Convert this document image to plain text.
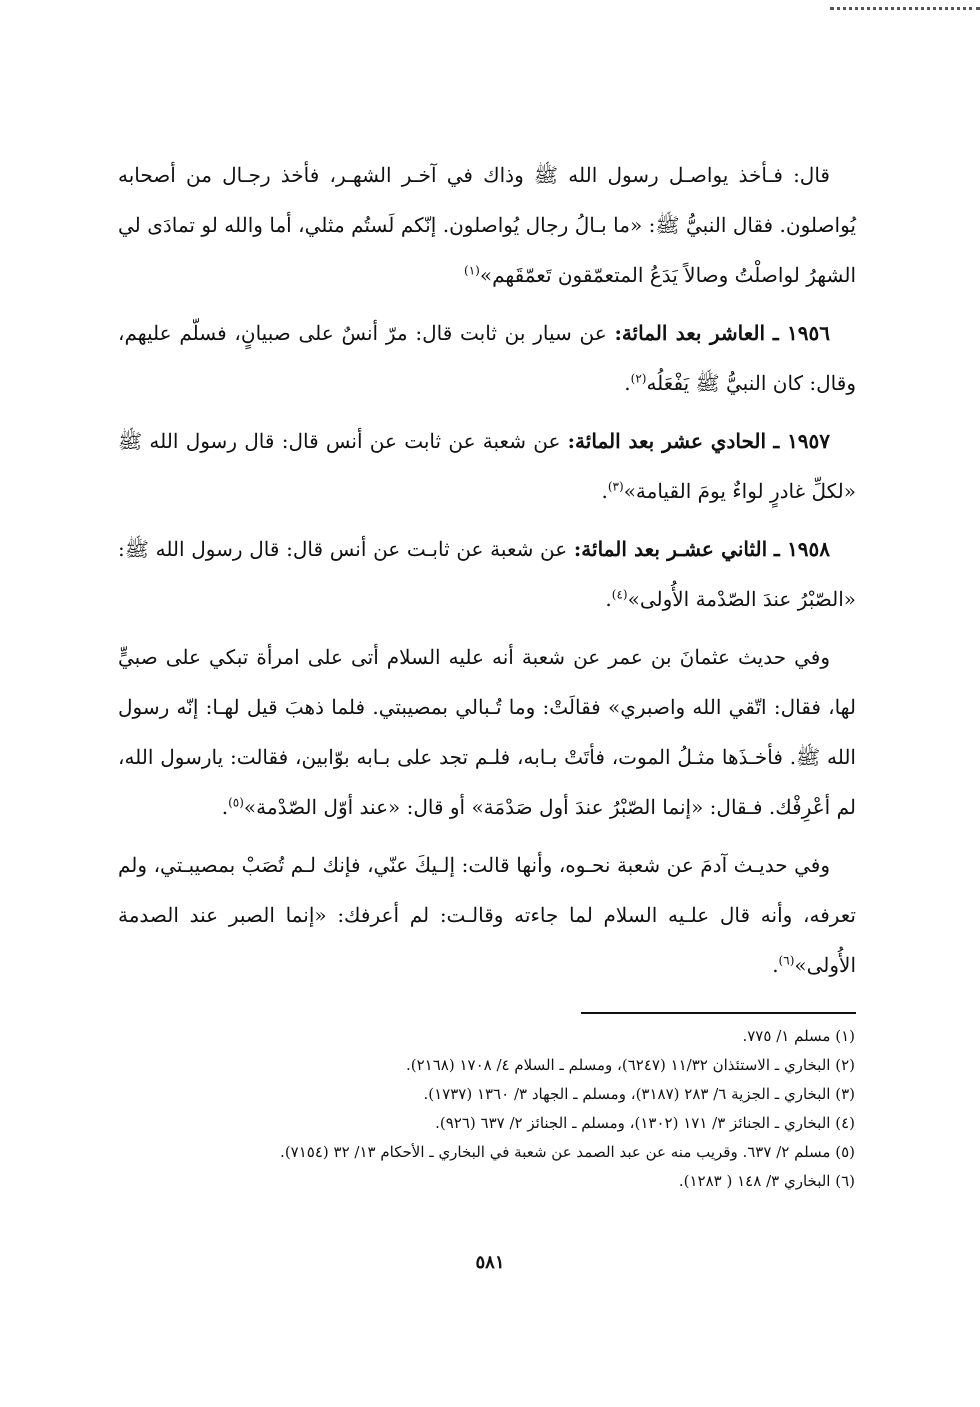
قال: فـأخذ يواصـل رسول الله ﷺ وذاك في آخـر الشهـر، فأخذ رجـال من أصحابه يُواصلون. فقال النبيُّ ﷺ: «ما بـالُ رجال يُواصلون. إنّكم لَستُم مثلي، أما والله لو تمادَى لي الشهرُ لواصلْتُ وصالاً يَدَعُ المتعمّقون تَعمّقَهم»$^{(١)}$

١٩٥٦ ـ العاشر بعد المائة: عن سيار بن ثابت قال: مرّ أنسٌ على صبيانٍ، فسلّم عليهم، وقال: كان النبيُّ ﷺ يَفْعَلُه$^{(٢)}$.

١٩٥٧ ـ الحادي عشر بعد المائة: عن شعبة عن ثابت عن أنس قال: قال رسول الله ﷺ «لكلِّ غادرٍ لواءٌ يومَ القيامة»$^{(٣)}$.

١٩٥٨ ـ الثاني عشـر بعد المائة: عن شعبة عن ثابـت عن أنس قال: قال رسول الله ﷺ: «الصّبْرُ عندَ الصّدْمة الأُولى»$^{(٤)}$.

وفي حديث عثمانَ بن عمر عن شعبة أنه عليه السلام أتى على امرأة تبكي على صبيٍّ لها، فقال: اتّقي الله واصبري» فقالَتْ: وما تُـبالي بمصيبتي. فلما ذهبَ قيل لهـا: إنّه رسول الله ﷺ. فأخـذَها مثـلُ الموت، فأتَتْ بـابه، فلـم تجد على بـابه بوّابين، فقالت: يارسول الله، لم أعْرِفْك. فـقال: «إنما الصّبْرُ عندَ أول صَدْمَة» أو قال: «عند أوّل الصّدْمة»$^{(٥)}$.

وفي حديـث آدمَ عن شعبة نحـوه، وأنها قالت: إلـيكَ عنّي، فإنك لـم تُصَبْ بمصيبـتي، ولم تعرفه، وأنه قال علـيه السلام لما جاءته وقالـت: لم أعرفك: «إنما الصبر عند الصدمة الأُولى»$^{(٦)}$.

(١) مسلم ١/ ٧٧٥.
(٢) البخاري ـ الاستئذان ١١/٣٢ (٦٢٤٧)، ومسلم ـ السلام ٤/ ١٧٠٨ (٢١٦٨).
(٣) البخاري ـ الجزية ٦/ ٢٨٣ (٣١٨٧)، ومسلم ـ الجهاد ٣/ ١٣٦٠ (١٧٣٧).
(٤) البخاري ـ الجنائز ٣/ ١٧١ (١٣٠٢)، ومسلم ـ الجنائز ٢/ ٦٣٧ (٩٢٦).
(٥) مسلم ٢/ ٦٣٧. وقريب منه عن عبد الصمد عن شعبة في البخاري ـ الأحكام ١٣/ ٣٢ (٧١٥٤).
(٦) البخاري ٣/ ١٤٨ ( ١٢٨٣).
٥٨١
